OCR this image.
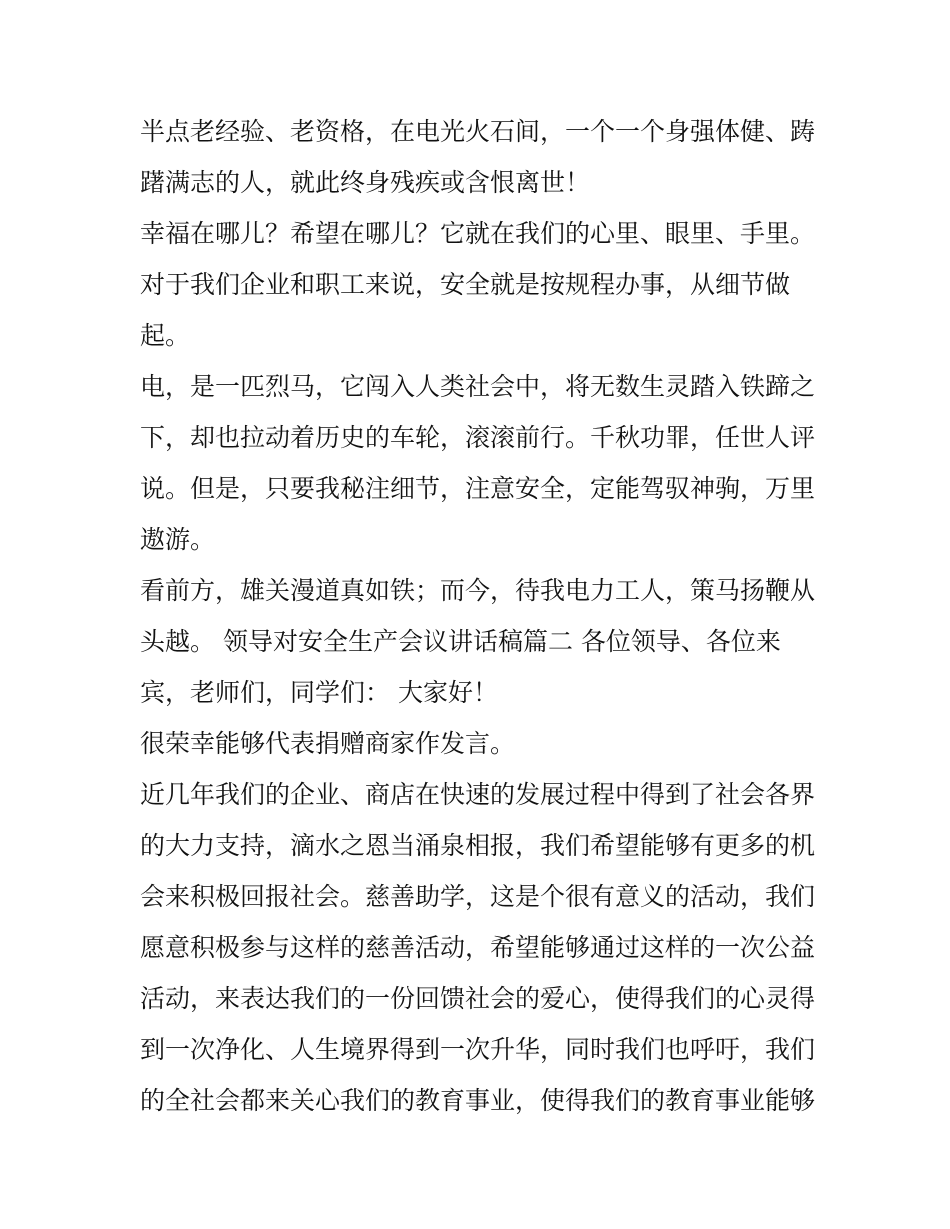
半点老经验、老资格，在电光火石间，一个一个身强体健、踌
躇满志的人，就此终身残疾或含恨离世！
幸福在哪儿？希望在哪儿？它就在我们的心里、眼里、手里。
对于我们企业和职工来说，安全就是按规程办事，从细节做
起。
电，是一匹烈马，它闯入人类社会中，将无数生灵踏入铁蹄之
下，却也拉动着历史的车轮，滚滚前行。千秋功罪，任世人评
说。但是，只要我秘注细节，注意安全，定能驾驭神驹，万里
遨游。
看前方，雄关漫道真如铁；而今，待我电力工人，策马扬鞭从
头越。 领导对安全生产会议讲话稿篇二 各位领导、各位来
宾，老师们，同学们： 大家好！
很荣幸能够代表捐赠商家作发言。
近几年我们的企业、商店在快速的发展过程中得到了社会各界
的大力支持，滴水之恩当涌泉相报，我们希望能够有更多的机
会来积极回报社会。慈善助学，这是个很有意义的活动，我们
愿意积极参与这样的慈善活动，希望能够通过这样的一次公益
活动，来表达我们的一份回馈社会的爱心，使得我们的心灵得
到一次净化、人生境界得到一次升华，同时我们也呼吁，我们
的全社会都来关心我们的教育事业，使得我们的教育事业能够
